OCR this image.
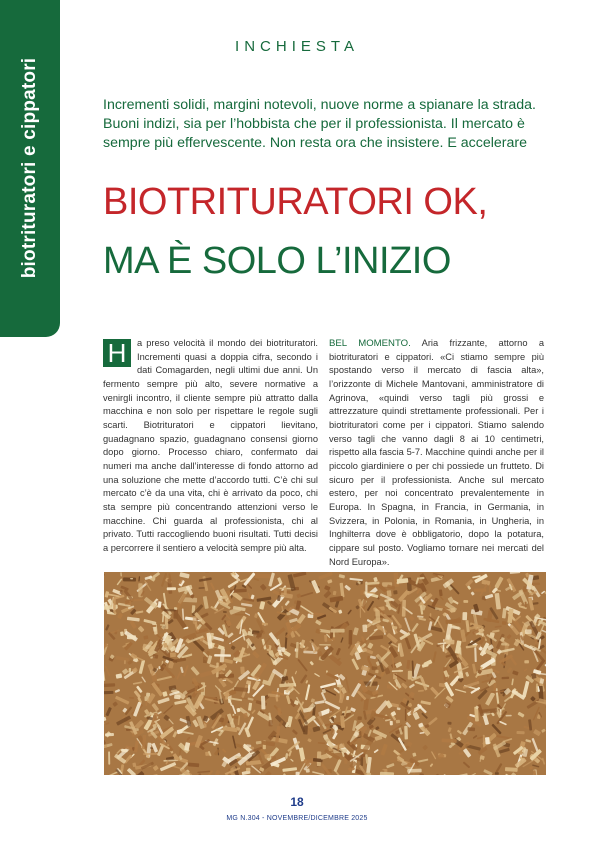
biotrituratori e cippatori
INCHIESTA

Incrementi solidi, margini notevoli, nuove norme a spianare la strada. Buoni indizi, sia per l’hobbista che per il professionista. Il mercato è sempre più effervescente. Non resta ora che insistere. E accelerare

BIOTRITURATORI OK,
MA È SOLO L’INIZIO

H	a preso velocità il mondo dei biotrituratori. Incrementi quasi a doppia cifra, secondo i dati Comagarden, negli ultimi due anni. Un fermento sempre più alto, severe normative a venirgli incontro, il cliente sempre più attratto dalla macchina e non solo per rispettare le regole sugli scarti. Biotrituratori e cippatori lievitano, guadagnano spazio, guadagnano consensi giorno dopo giorno. Processo chiaro, confermato dai numeri ma anche dall’interesse di fondo attorno ad una soluzione che mette d’accordo tutti. C’è chi sul mercato c’è da una vita, chi è arrivato da poco, chi sta sempre più concentrando attenzioni verso le macchine. Chi guarda al professionista, chi al privato. Tutti raccogliendo buoni risultati. Tutti decisi a percorrere il sentiero a velocità sempre più alta.

BEL MOMENTO. Aria frizzante, attorno a biotrituratori e cippatori. «Ci stiamo sempre più spostando verso il mercato di fascia alta», l’orizzonte di Michele Mantovani, amministratore di Agrinova, «quindi verso tagli più grossi e attrezzature quindi strettamente professionali. Per i biotrituratori come per i cippatori. Stiamo salendo verso tagli che vanno dagli 8 ai 10 centimetri, rispetto alla fascia 5-7. Macchine quindi anche per il piccolo giardiniere o per chi possiede un frutteto. Di sicuro per il professionista. Anche sul mercato estero, per noi concentrato prevalentemente in Europa. In Spagna, in Francia, in Germania, in Svizzera, in Polonia, in Romania, in Ungheria, in Inghilterra dove è obbligatorio, dopo la potatura, cippare sul posto. Vogliamo tornare nei mercati del Nord Europa».

18
MG N.304 - NOVEMBRE/DICEMBRE 2025
